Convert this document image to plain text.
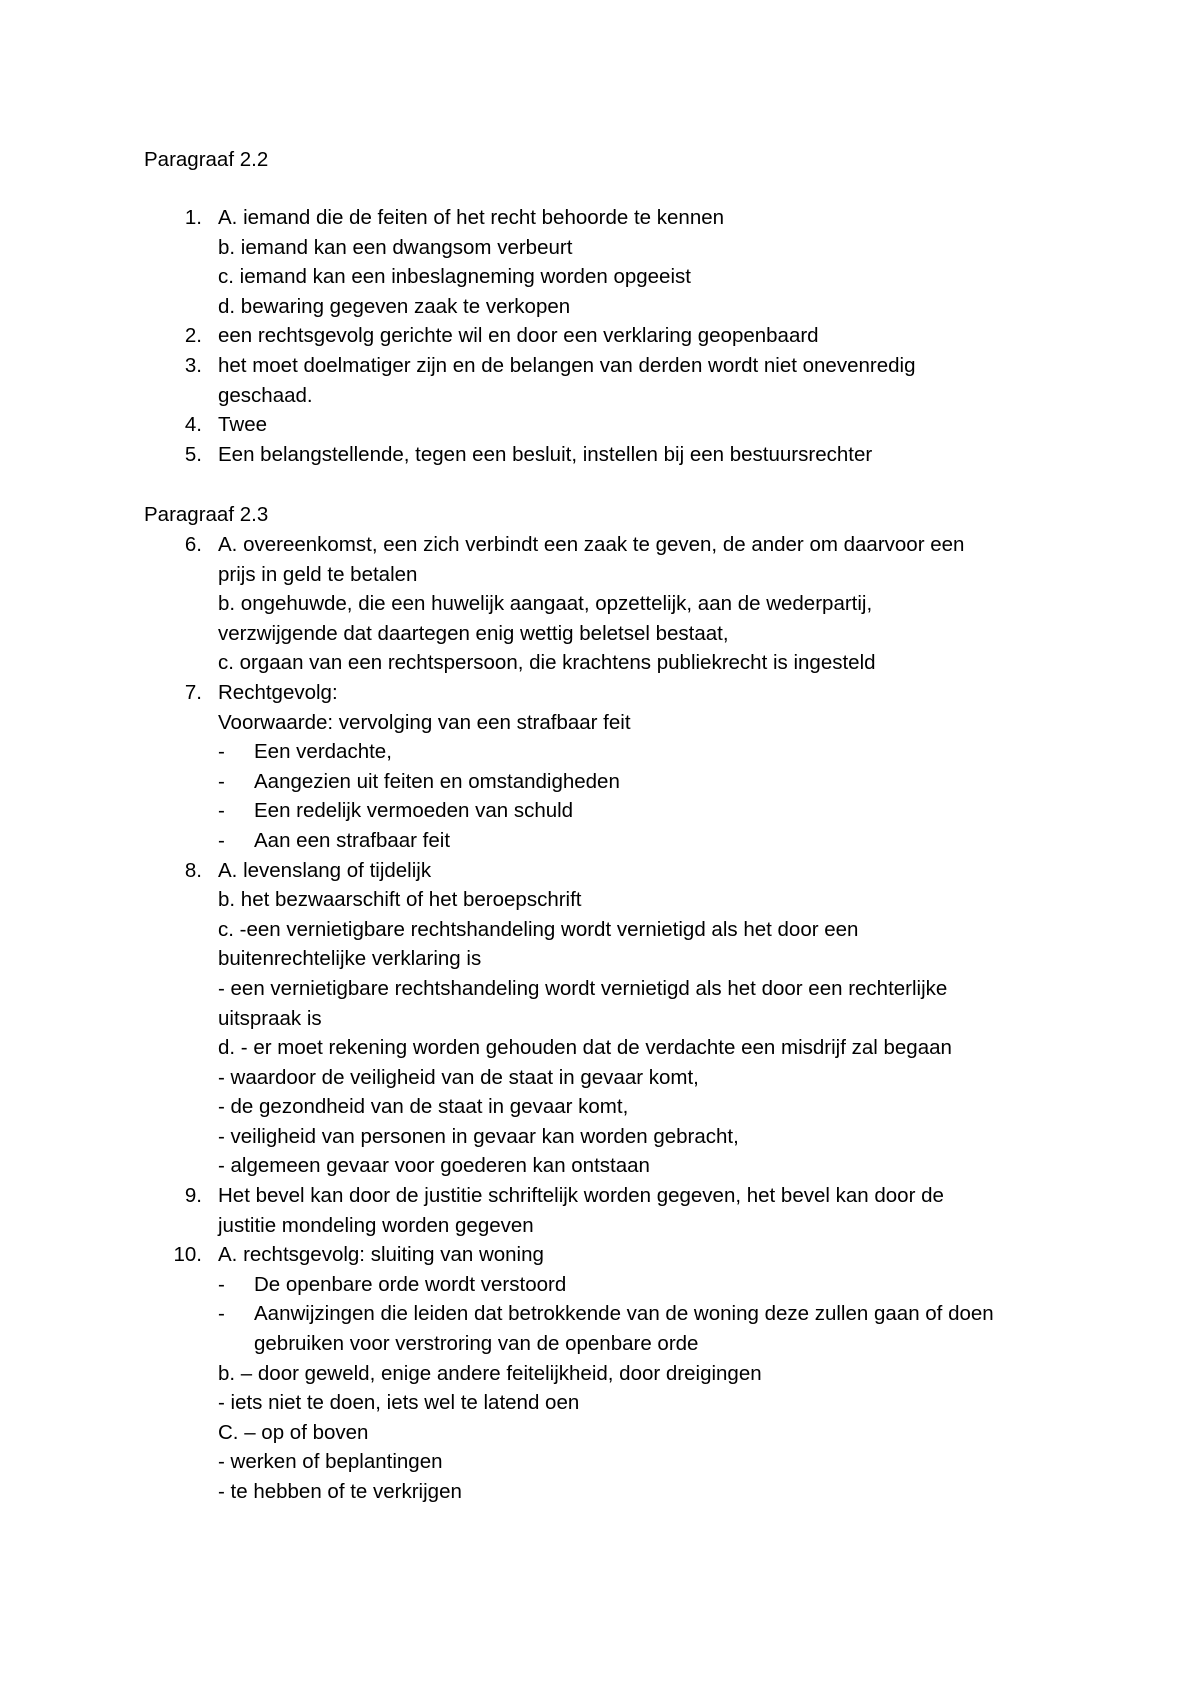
Paragraaf 2.2
1. A. iemand die de feiten of het recht behoorde te kennen
b. iemand kan een dwangsom verbeurt
c. iemand kan een inbeslagneming worden opgeeist
d. bewaring gegeven zaak te verkopen
2. een rechtsgevolg gerichte wil en door een verklaring geopenbaard
3. het moet doelmatiger zijn en de belangen van derden wordt niet onevenredig
geschaad.
4. Twee
5. Een belangstellende, tegen een besluit, instellen bij een bestuursrechter
Paragraaf 2.3
6. A. overeenkomst, een zich verbindt een zaak te geven, de ander om daarvoor een
prijs in geld te betalen
b. ongehuwde, die een huwelijk aangaat, opzettelijk, aan de wederpartij,
verzwijgende dat daartegen enig wettig beletsel bestaat,
c. orgaan van een rechtspersoon, die krachtens publiekrecht is ingesteld
7. Rechtgevolg:
Voorwaarde: vervolging van een strafbaar feit
-	Een verdachte,
-	Aangezien uit feiten en omstandigheden
-	Een redelijk vermoeden van schuld
-	Aan een strafbaar feit
8. A. levenslang of tijdelijk
b. het bezwaarschift of het beroepschrift
c. -een vernietigbare rechtshandeling wordt vernietigd als het door een
buitenrechtelijke verklaring is
- een vernietigbare rechtshandeling wordt vernietigd als het door een rechterlijke
uitspraak is
d. - er moet rekening worden gehouden dat de verdachte een misdrijf zal begaan
- waardoor de veiligheid van de staat in gevaar komt,
- de gezondheid van de staat in gevaar komt,
- veiligheid van personen in gevaar kan worden gebracht,
- algemeen gevaar voor goederen kan ontstaan
9. Het bevel kan door de justitie schriftelijk worden gegeven, het bevel kan door de
justitie mondeling worden gegeven
10. A. rechtsgevolg: sluiting van woning
-	De openbare orde wordt verstoord
-	Aanwijzingen die leiden dat betrokkende van de woning deze zullen gaan of doen
gebruiken voor verstroring van de openbare orde
b. – door geweld, enige andere feitelijkheid, door dreigingen
- iets niet te doen, iets wel te latend oen
C. – op of boven
- werken of beplantingen
- te hebben of te verkrijgen
